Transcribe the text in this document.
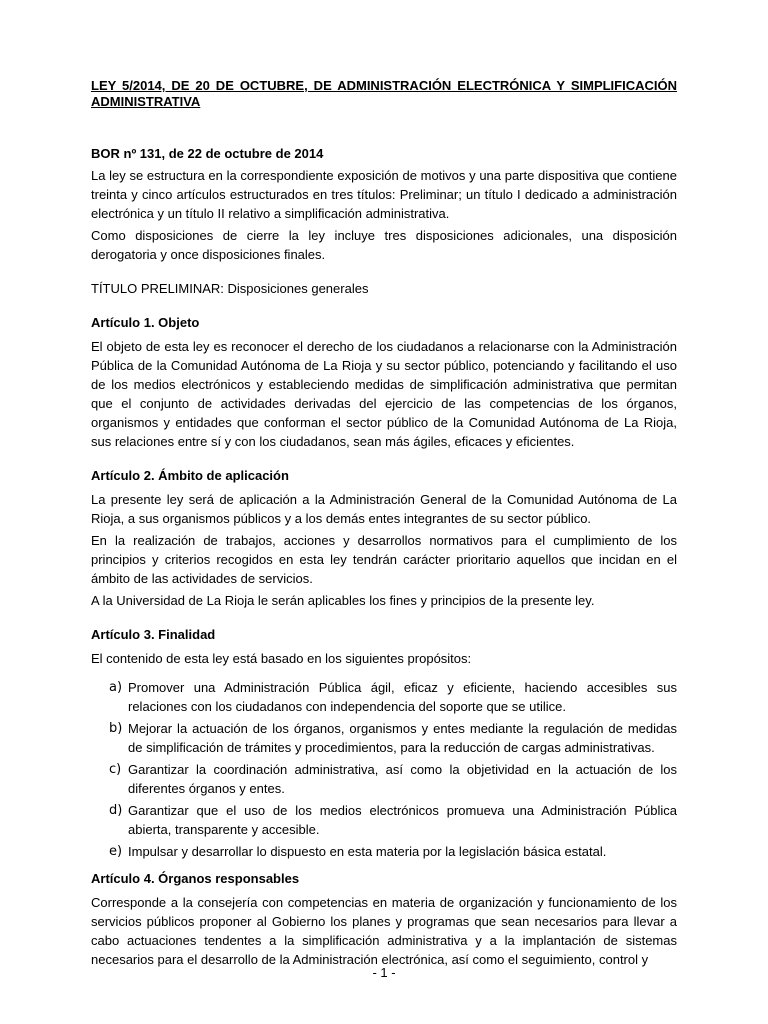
LEY 5/2014, DE 20 DE OCTUBRE, DE ADMINISTRACIÓN ELECTRÓNICA Y SIMPLIFICACIÓN ADMINISTRATIVA

BOR nº 131, de 22 de octubre de 2014

La ley se estructura en la correspondiente exposición de motivos y una parte dispositiva que contiene treinta y cinco artículos estructurados en tres títulos: Preliminar; un título I dedicado a administración electrónica y un título II relativo a simplificación administrativa.

Como disposiciones de cierre la ley incluye tres disposiciones adicionales, una disposición derogatoria y once disposiciones finales.

TÍTULO PRELIMINAR: Disposiciones generales

Artículo 1. Objeto

El objeto de esta ley es reconocer el derecho de los ciudadanos a relacionarse con la Administración Pública de la Comunidad Autónoma de La Rioja y su sector público, potenciando y facilitando el uso de los medios electrónicos y estableciendo medidas de simplificación administrativa que permitan que el conjunto de actividades derivadas del ejercicio de las competencias de los órganos, organismos y entidades que conforman el sector público de la Comunidad Autónoma de La Rioja, sus relaciones entre sí y con los ciudadanos, sean más ágiles, eficaces y eficientes.

Artículo 2. Ámbito de aplicación

La presente ley será de aplicación a la Administración General de la Comunidad Autónoma de La Rioja, a sus organismos públicos y a los demás entes integrantes de su sector público.

En la realización de trabajos, acciones y desarrollos normativos para el cumplimiento de los principios y criterios recogidos en esta ley tendrán carácter prioritario aquellos que incidan en el ámbito de las actividades de servicios.

A la Universidad de La Rioja le serán aplicables los fines y principios de la presente ley.

Artículo 3. Finalidad

El contenido de esta ley está basado en los siguientes propósitos:

a) Promover una Administración Pública ágil, eficaz y eficiente, haciendo accesibles sus relaciones con los ciudadanos con independencia del soporte que se utilice.
b) Mejorar la actuación de los órganos, organismos y entes mediante la regulación de medidas de simplificación de trámites y procedimientos, para la reducción de cargas administrativas.
c) Garantizar la coordinación administrativa, así como la objetividad en la actuación de los diferentes órganos y entes.
d) Garantizar que el uso de los medios electrónicos promueva una Administración Pública abierta, transparente y accesible.
e) Impulsar y desarrollar lo dispuesto en esta materia por la legislación básica estatal.

Artículo 4. Órganos responsables

Corresponde a la consejería con competencias en materia de organización y funcionamiento de los servicios públicos proponer al Gobierno los planes y programas que sean necesarios para llevar a cabo actuaciones tendentes a la simplificación administrativa y a la implantación de sistemas necesarios para el desarrollo de la Administración electrónica, así como el seguimiento, control y

- 1 -
